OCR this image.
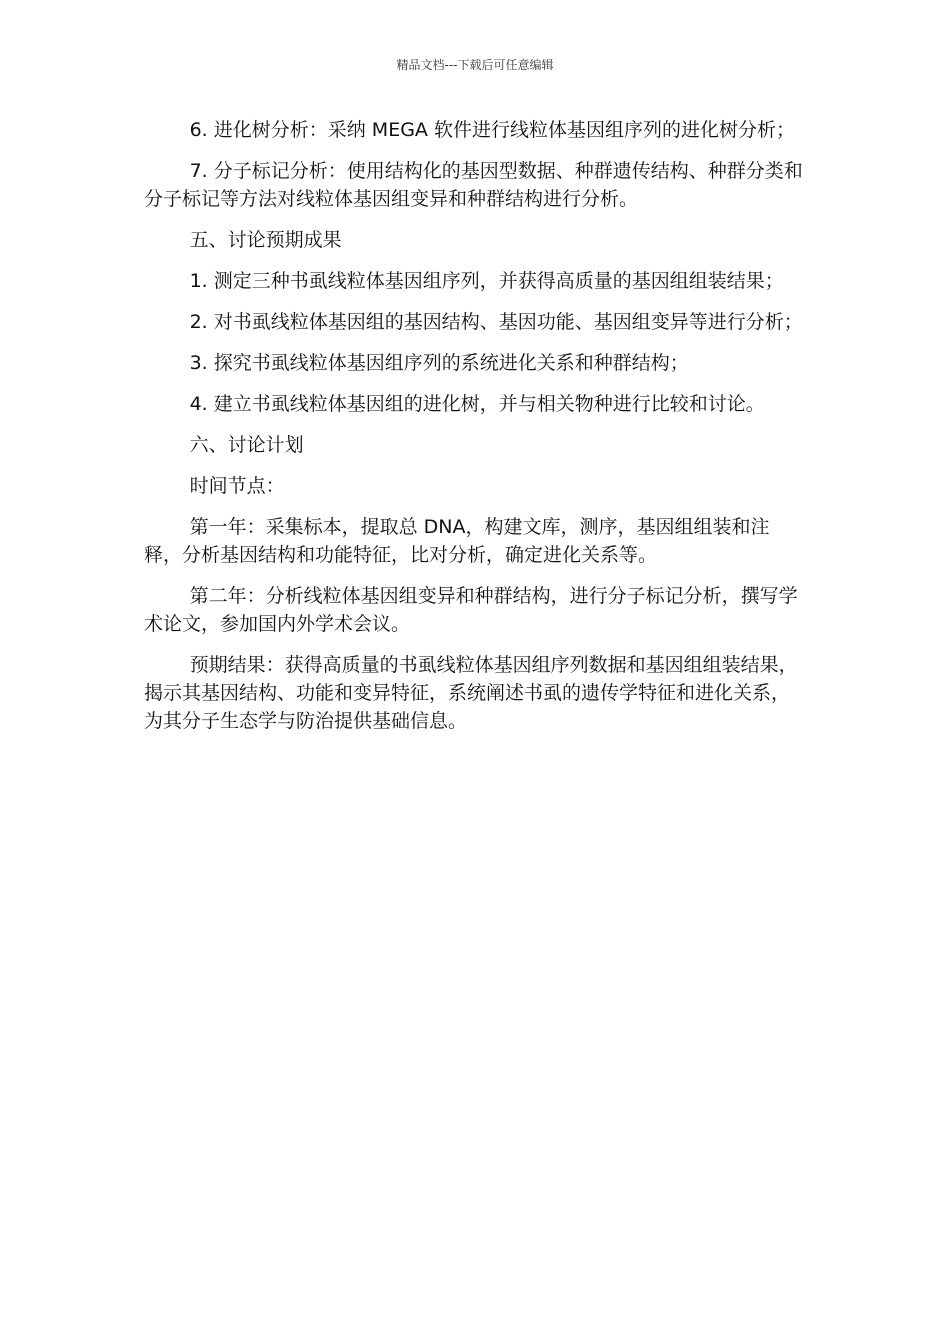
精品文档---下载后可任意编辑

6. 进化树分析：采纳 MEGA 软件进行线粒体基因组序列的进化树分析；

7. 分子标记分析：使用结构化的基因型数据、种群遗传结构、种群分类和分子标记等方法对线粒体基因组变异和种群结构进行分析。

五、讨论预期成果

1. 测定三种书虱线粒体基因组序列，并获得高质量的基因组组装结果；

2. 对书虱线粒体基因组的基因结构、基因功能、基因组变异等进行分析；

3. 探究书虱线粒体基因组序列的系统进化关系和种群结构；

4. 建立书虱线粒体基因组的进化树，并与相关物种进行比较和讨论。

六、讨论计划

时间节点：

第一年：采集标本，提取总 DNA，构建文库，测序，基因组组装和注释，分析基因结构和功能特征，比对分析，确定进化关系等。

第二年：分析线粒体基因组变异和种群结构，进行分子标记分析，撰写学术论文，参加国内外学术会议。

预期结果：获得高质量的书虱线粒体基因组序列数据和基因组组装结果，揭示其基因结构、功能和变异特征，系统阐述书虱的遗传学特征和进化关系，为其分子生态学与防治提供基础信息。
